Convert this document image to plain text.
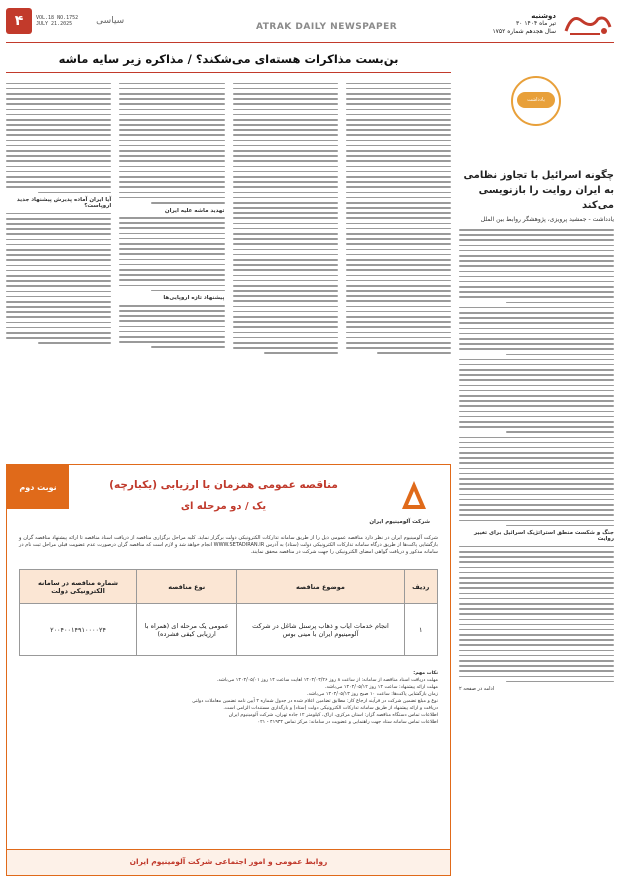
۴	VOL.18 NO.1752
JULY 21.2025	سیاسی
ATRAK DAILY NEWSPAPER
دوشنبه
۳۰ تیر ماه ۱۴۰۴
سال هجدهم شماره ۱۷۵۲
یادداشت
چگونه اسرائیل با تجاوز نظامی به ایران روایت را بازنویسی می‌کند
یادداشت - جمشید پرویزی، پژوهشگر روابط بین الملل
جنگ و شکست منطق استراتژیک اسرائیل برای تغییر روایت
ادامه در صفحه ۲
بن‌بست مذاکرات هسته‌ای می‌شکند؟ / مذاکره زیر سایه ماشه
تهدید ماشه علیه ایران
پیشنهاد تازه اروپایی‌ها
آیا ایران آماده پذیرش پیشنهاد جدید اروپاست؟
نوبت دوم	مناقصه عمومی همزمان با ارزیابی (یکبارچه)
یک / دو مرحله ای
شرکت آلومینیوم ایران
شرکت آلومینیوم ایران در نظر دارد مناقصه عمومی ذیل را از طریق سامانه تدارکات الکترونیکی دولت برگزار نماید. کلیه مراحل برگزاری مناقصه از دریافت اسناد مناقصه تا ارائه پیشنهاد مناقصه گران و بازگشایی پاکت‌ها از طریق درگاه سامانه تدارکات الکترونیکی دولت (ستاد) به آدرس WWW.SETADIRAN.IR انجام خواهد شد و لازم است که مناقصه گران درصورت عدم عضویت قبلی مراحل ثبت نام در سامانه مذکور و دریافت گواهی امضای الکترونیکی را جهت شرکت در مناقصه محقق نمایند.
شماره مناقصه در سامانه الکترونیکی دولت	نوع مناقصه	موضوع مناقصه	ردیف
۲۰۰۴۰۰۱۴۹۱۰۰۰۰۲۴	عمومی یک مرحله ای (همراه با ارزیابی کیفی فشرده)	انجام خدمات ایاب و ذهاب پرسنل شاغل در شرکت آلومینیوم ایران با مینی بوس	۱
نکات مهم:
مهلت دریافت اسناد مناقصه از سامانه: از ساعت ۸ روز ۱۴۰۴/۰۴/۲۶ لغایت ساعت ۱۴ روز ۱۴۰۴/۰۵/۰۱ می‌باشد.
مهلت ارائه پیشنهاد: ساعت ۱۴ روز ۱۴۰۴/۰۵/۱۲ می‌باشد.
زمان بازگشایی پاکت‌ها: ساعت ۱۰ صبح روز ۱۴۰۴/۰۵/۱۳ می‌باشد.
نوع و مبلغ تضمین شرکت در فرآیند ارجاع کار: مطابق تضامین اعلام شده در جدول شماره ۲ آیین نامه تضمین معاملات دولتی
دریافت و ارائه پیشنهاد از طریق سامانه تدارکات الکترونیکی دولت (ستاد) و بارگذاری مستندات الزامی است.
اطلاعات تماس دستگاه مناقصه گزار: استان مرکزی، اراک، کیلومتر ۱۲ جاده تهران، شرکت آلومینیوم ایران
اطلاعات تماس سامانه ستاد جهت راهنمایی و عضویت در سامانه: مرکز تماس ۴۱۹۳۴ - ۰۲۱
روابط عمومی و امور اجتماعی شرکت آلومینیوم ایران
